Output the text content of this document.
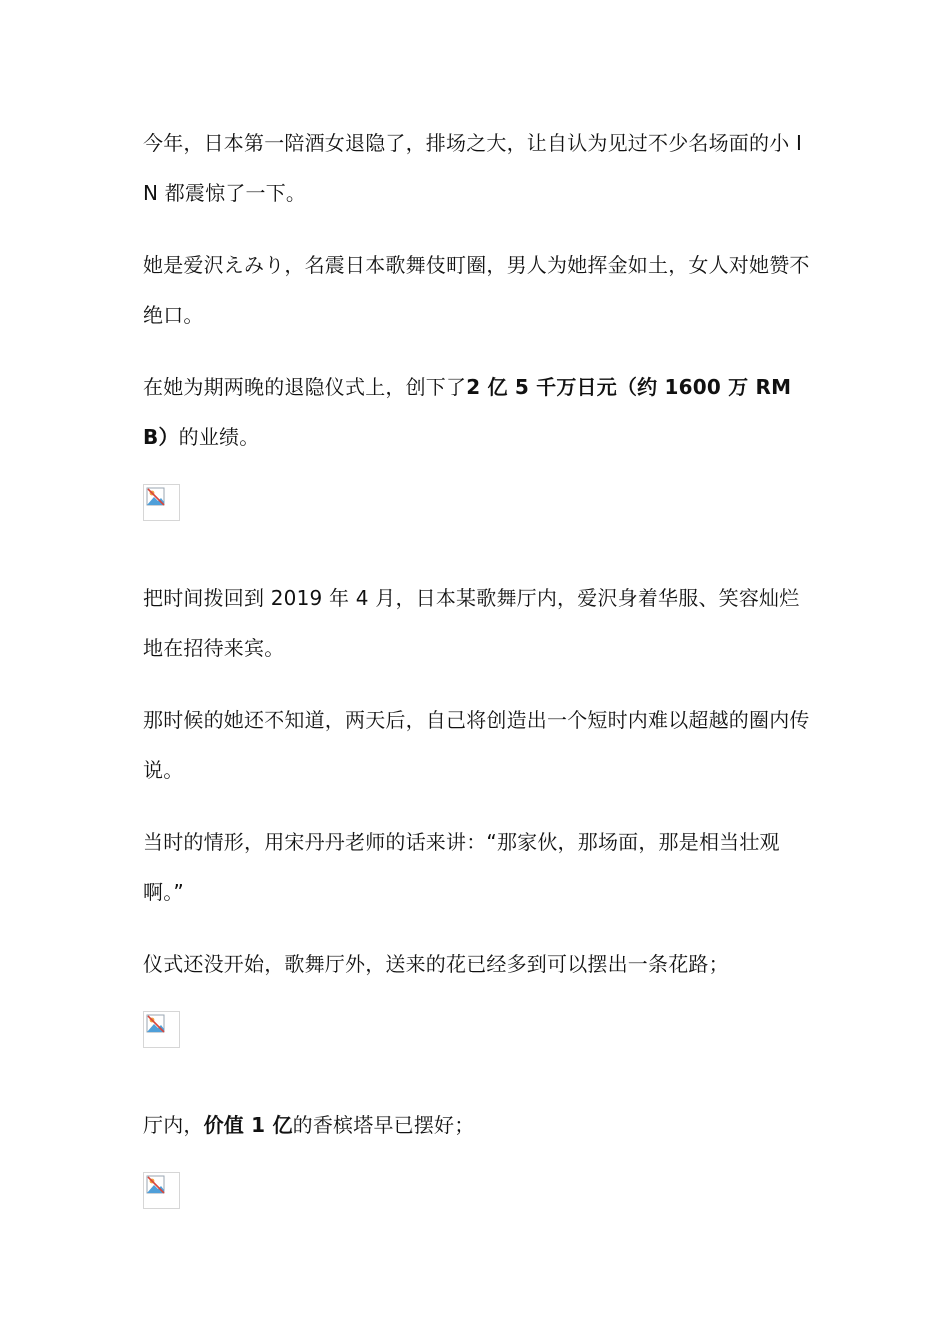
今年，日本第一陪酒女退隐了，排场之大，让自认为见过不少名场面的小 IN 都震惊了一下。

她是爱沢えみり，名震日本歌舞伎町圈，男人为她挥金如土，女人对她赞不绝口。

在她为期两晚的退隐仪式上，创下了2 亿 5 千万日元（约 1600 万 RMB）的业绩。

把时间拨回到 2019 年 4 月，日本某歌舞厅内，爱沢身着华服、笑容灿烂地在招待来宾。

那时候的她还不知道，两天后，自己将创造出一个短时内难以超越的圈内传说。

当时的情形，用宋丹丹老师的话来讲：“那家伙，那场面，那是相当壮观啊。”

仪式还没开始，歌舞厅外，送来的花已经多到可以摆出一条花路；

厅内，价值 1 亿的香槟塔早已摆好；
